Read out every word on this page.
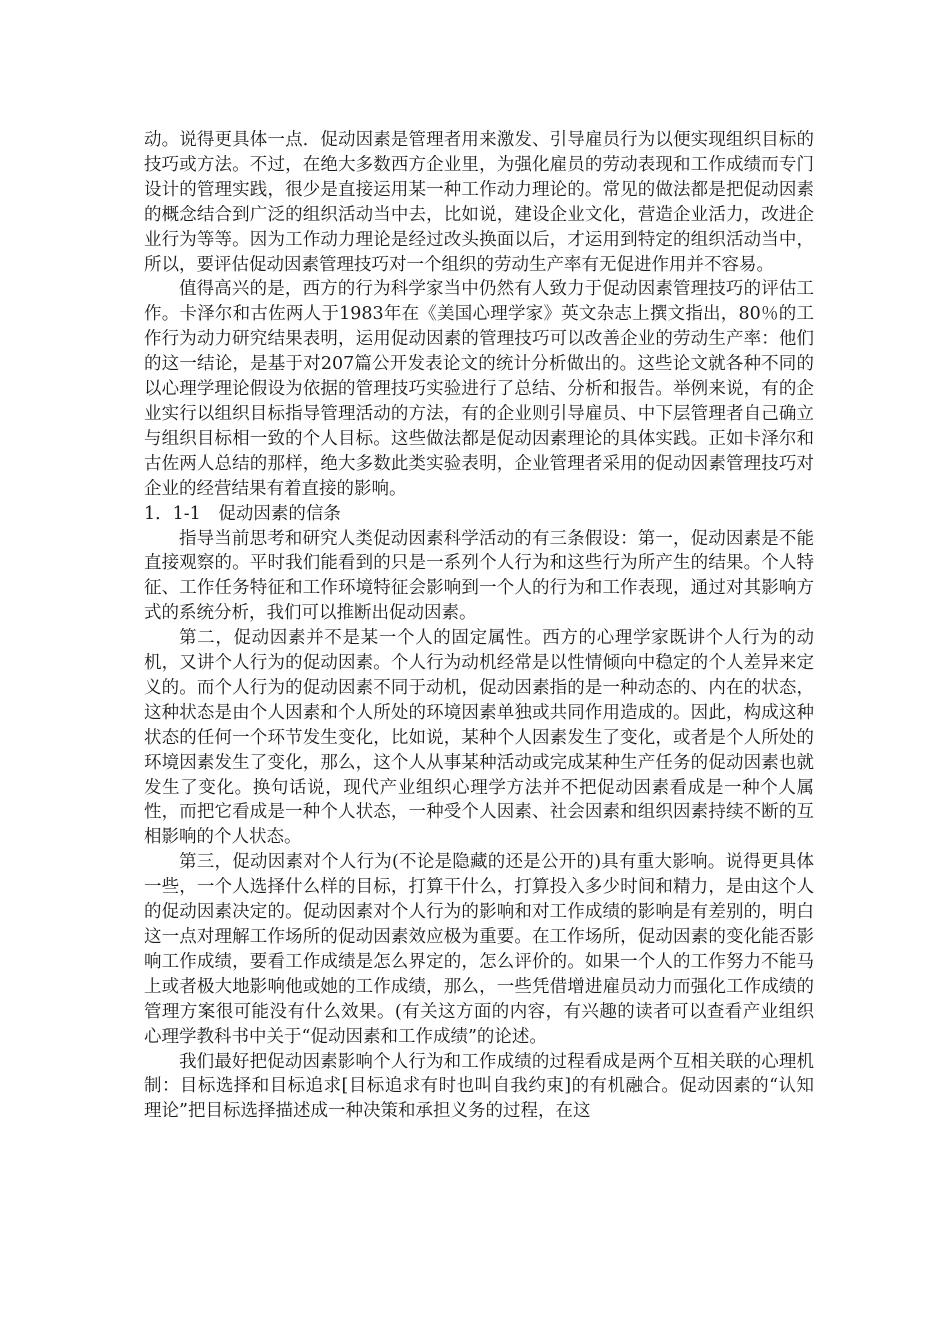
动。说得更具体一点．促动因素是管理者用来激发、引导雇员行为以便实现组织目标的技巧或方法。不过，在绝大多数西方企业里，为强化雇员的劳动表现和工作成绩而专门设计的管理实践，很少是直接运用某一种工作动力理论的。常见的做法都是把促动因素的概念结合到广泛的组织活动当中去，比如说，建设企业文化，营造企业活力，改进企业行为等等。因为工作动力理论是经过改头换面以后，才运用到特定的组织活动当中，所以，要评估促动因素管理技巧对一个组织的劳动生产率有无促进作用并不容易。

值得高兴的是，西方的行为科学家当中仍然有人致力于促动因素管理技巧的评估工作。卡泽尔和古佐两人于1983年在《美国心理学家》英文杂志上撰文指出，80％的工作行为动力研究结果表明，运用促动因素的管理技巧可以改善企业的劳动生产率：他们的这一结论，是基于对207篇公开发表论文的统计分析做出的。这些论文就各种不同的以心理学理论假设为依据的管理技巧实验进行了总结、分析和报告。举例来说，有的企业实行以组织目标指导管理活动的方法，有的企业则引导雇员、中下层管理者自己确立与组织目标相一致的个人目标。这些做法都是促动因素理论的具体实践。正如卡泽尔和古佐两人总结的那样，绝大多数此类实验表明，企业管理者采用的促动因素管理技巧对企业的经营结果有着直接的影响。

1．1-1　促动因素的信条

指导当前思考和研究人类促动因素科学活动的有三条假设：第一，促动因素是不能直接观察的。平时我们能看到的只是一系列个人行为和这些行为所产生的结果。个人特征、工作任务特征和工作环境特征会影响到一个人的行为和工作表现，通过对其影响方式的系统分析，我们可以推断出促动因素。

第二，促动因素并不是某一个人的固定属性。西方的心理学家既讲个人行为的动机，又讲个人行为的促动因素。个人行为动机经常是以性情倾向中稳定的个人差异来定义的。而个人行为的促动因素不同于动机，促动因素指的是一种动态的、内在的状态，这种状态是由个人因素和个人所处的环境因素单独或共同作用造成的。因此，构成这种状态的任何一个环节发生变化，比如说，某种个人因素发生了变化，或者是个人所处的环境因素发生了变化，那么，这个人从事某种活动或完成某种生产任务的促动因素也就发生了变化。换句话说，现代产业组织心理学方法并不把促动因素看成是一种个人属性，而把它看成是一种个人状态，一种受个人因素、社会因素和组织因素持续不断的互相影响的个人状态。

第三，促动因素对个人行为(不论是隐藏的还是公开的)具有重大影响。说得更具体一些，一个人选择什么样的目标，打算干什么，打算投入多少时间和精力，是由这个人的促动因素决定的。促动因素对个人行为的影响和对工作成绩的影响是有差别的，明白这一点对理解工作场所的促动因素效应极为重要。在工作场所，促动因素的变化能否影响工作成绩，要看工作成绩是怎么界定的，怎么评价的。如果一个人的工作努力不能马上或者极大地影响他或她的工作成绩，那么，一些凭借增进雇员动力而强化工作成绩的管理方案很可能没有什么效果。(有关这方面的内容，有兴趣的读者可以查看产业组织心理学教科书中关于“促动因素和工作成绩”的论述。

我们最好把促动因素影响个人行为和工作成绩的过程看成是两个互相关联的心理机制：目标选择和目标追求[目标追求有时也叫自我约束]的有机融合。促动因素的“认知理论”把目标选择描述成一种决策和承担义务的过程，在这
